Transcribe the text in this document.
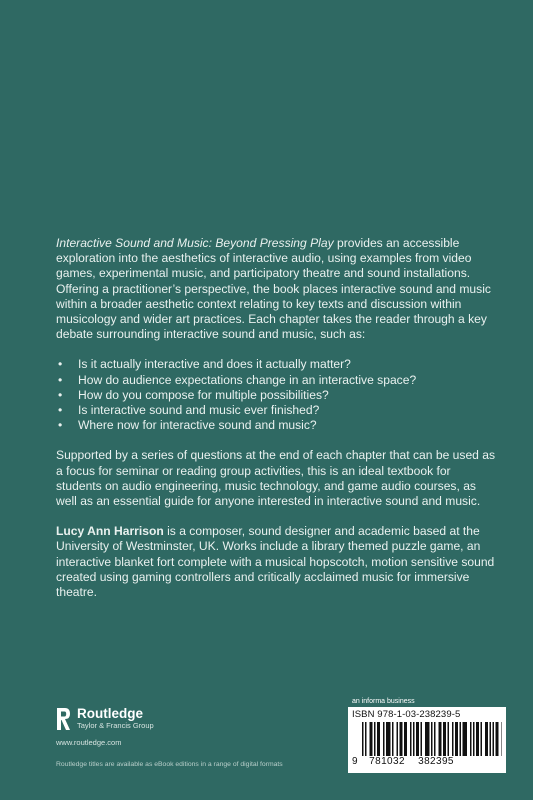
Interactive Sound and Music: Beyond Pressing Play provides an accessible exploration into the aesthetics of interactive audio, using examples from video games, experimental music, and participatory theatre and sound installations. Offering a practitioner’s perspective, the book places interactive sound and music within a broader aesthetic context relating to key texts and discussion within musicology and wider art practices. Each chapter takes the reader through a key debate surrounding interactive sound and music, such as:

• Is it actually interactive and does it actually matter?
• How do audience expectations change in an interactive space?
• How do you compose for multiple possibilities?
• Is interactive sound and music ever finished?
• Where now for interactive sound and music?

Supported by a series of questions at the end of each chapter that can be used as a focus for seminar or reading group activities, this is an ideal textbook for students on audio engineering, music technology, and game audio courses, as well as an essential guide for anyone interested in interactive sound and music.

Lucy Ann Harrison is a composer, sound designer and academic based at the University of Westminster, UK. Works include a library themed puzzle game, an interactive blanket fort complete with a musical hopscotch, motion sensitive sound created using gaming controllers and critically acclaimed music for immersive theatre.

Routledge
Taylor & Francis Group
www.routledge.com
Routledge titles are available as eBook editions in a range of digital formats
an informa business
ISBN 978-1-03-238239-5
9 781032 382395
